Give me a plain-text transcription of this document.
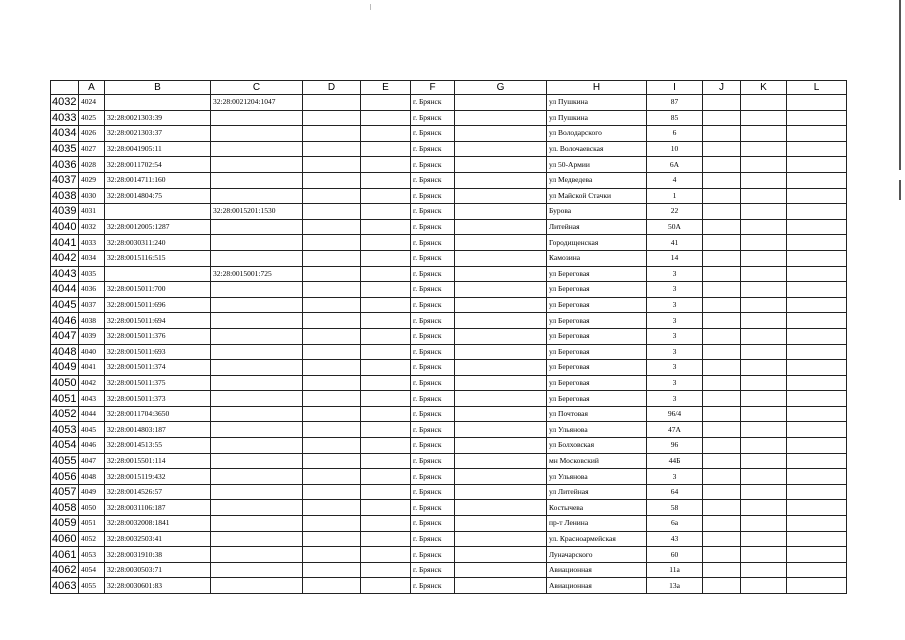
	A	B	C	D	E	F	G	H	I	J	K	L
4032	4024		32:28:0021204:1047			г. Брянск		ул Пушкина	87			
4033	4025	32:28:0021303:39				г. Брянск		ул Пушкина	85			
4034	4026	32:28:0021303:37				г. Брянск		ул Володарского	6			
4035	4027	32:28:0041905:11				г. Брянск		ул. Волочаевская	10			
4036	4028	32:28:0011702:54				г. Брянск		ул 50-Армии	6А			
4037	4029	32:28:0014711:160				г. Брянск		ул Медведева	4			
4038	4030	32:28:0014804:75				г. Брянск		ул Майской Стачки	1			
4039	4031		32:28:0015201:1530			г. Брянск		Бурова	22			
4040	4032	32:28:0012005:1287				г. Брянск		Литейная	50А			
4041	4033	32:28:0030311:240				г. Брянск		Городищенская	41			
4042	4034	32:28:0015116:515				г. Брянск		Камозина	14			
4043	4035		32:28:0015001:725			г. Брянск		ул Береговая	3			
4044	4036	32:28:0015011:700				г. Брянск		ул Береговая	3			
4045	4037	32:28:0015011:696				г. Брянск		ул Береговая	3			
4046	4038	32:28:0015011:694				г. Брянск		ул Береговая	3			
4047	4039	32:28:0015011:376				г. Брянск		ул Береговая	3			
4048	4040	32:28:0015011:693				г. Брянск		ул Береговая	3			
4049	4041	32:28:0015011:374				г. Брянск		ул Береговая	3			
4050	4042	32:28:0015011:375				г. Брянск		ул Береговая	3			
4051	4043	32:28:0015011:373				г. Брянск		ул Береговая	3			
4052	4044	32:28:0011704:3650				г. Брянск		ул Почтовая	96/4			
4053	4045	32:28:0014803:187				г. Брянск		ул Ульянова	47А			
4054	4046	32:28:0014513:55				г. Брянск		ул Болховская	96			
4055	4047	32:28:0015501:114				г. Брянск		мн Московский	44Б			
4056	4048	32:28:0015119:432				г. Брянск		ул Ульянова	3			
4057	4049	32:28:0014526:57				г. Брянск		ул Литейная	64			
4058	4050	32:28:0031106:187				г. Брянск		Костычева	58			
4059	4051	32:28:0032008:1841				г. Брянск		пр-т Ленина	6а			
4060	4052	32:28:0032503:41				г. Брянск		ул. Красноармейская	43			
4061	4053	32:28:0031910:38				г. Брянск		Луначарского	60			
4062	4054	32:28:0030503:71				г. Брянск		Авиационная	11а			
4063	4055	32:28:0030601:83				г. Брянск		Авиационная	13а			
